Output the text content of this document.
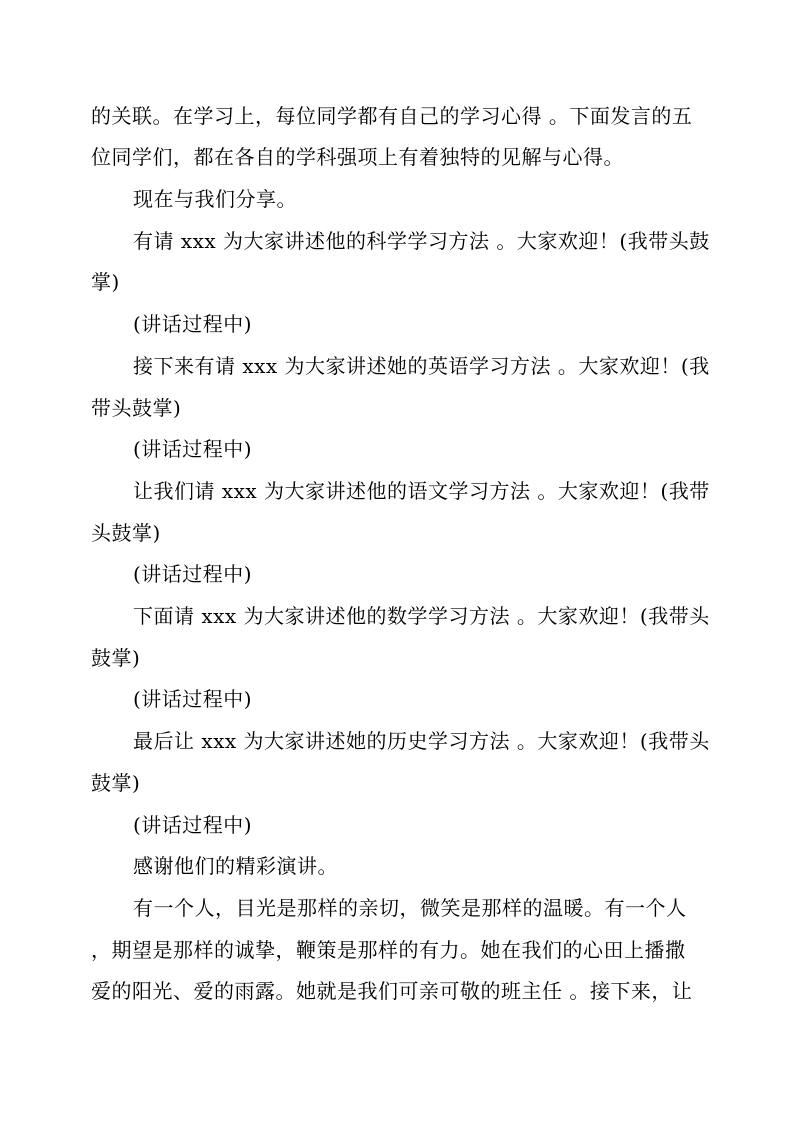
的关联。在学习上，每位同学都有自己的学习心得 。下面发言的五
位同学们，都在各自的学科强项上有着独特的见解与心得。
现在与我们分享。
有请 xxx 为大家讲述他的科学学习方法 。大家欢迎！(我带头鼓
掌)
(讲话过程中)
接下来有请 xxx 为大家讲述她的英语学习方法 。大家欢迎！(我
带头鼓掌)
(讲话过程中)
让我们请 xxx 为大家讲述他的语文学习方法 。大家欢迎！(我带
头鼓掌)
(讲话过程中)
下面请 xxx 为大家讲述他的数学学习方法 。大家欢迎！(我带头
鼓掌)
(讲话过程中)
最后让 xxx 为大家讲述她的历史学习方法 。大家欢迎！(我带头
鼓掌)
(讲话过程中)
感谢他们的精彩演讲。
有一个人，目光是那样的亲切，微笑是那样的温暖。有一个人
，期望是那样的诚挚，鞭策是那样的有力。她在我们的心田上播撒
爱的阳光、爱的雨露。她就是我们可亲可敬的班主任 。接下来，让
